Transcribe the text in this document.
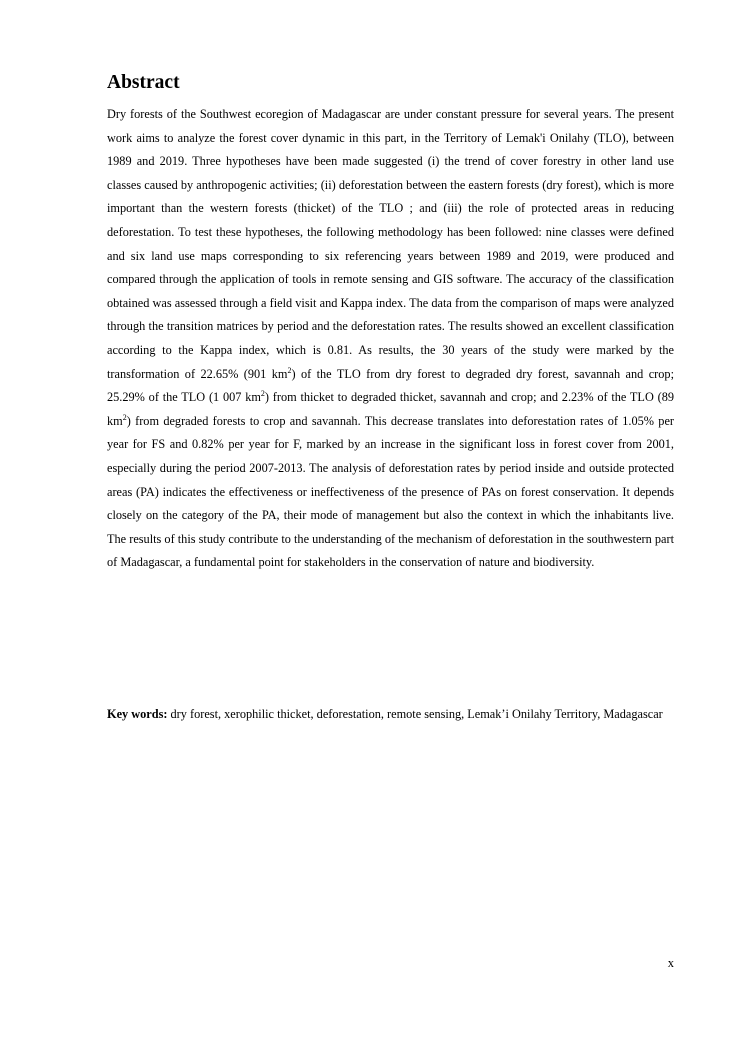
Abstract

Dry forests of the Southwest ecoregion of Madagascar are under constant pressure for several years. The present work aims to analyze the forest cover dynamic in this part, in the Territory of Lemak'i Onilahy (TLO), between 1989 and 2019. Three hypotheses have been made suggested (i) the trend of cover forestry in other land use classes caused by anthropogenic activities; (ii) deforestation between the eastern forests (dry forest), which is more important than the western forests (thicket) of the TLO ; and (iii) the role of protected areas in reducing deforestation. To test these hypotheses, the following methodology has been followed: nine classes were defined and six land use maps corresponding to six referencing years between 1989 and 2019, were produced and compared through the application of tools in remote sensing and GIS software. The accuracy of the classification obtained was assessed through a field visit and Kappa index. The data from the comparison of maps were analyzed through the transition matrices by period and the deforestation rates. The results showed an excellent classification according to the Kappa index, which is 0.81. As results, the 30 years of the study were marked by the transformation of 22.65% (901 $km^2$) of the TLO from dry forest to degraded dry forest, savannah and crop; 25.29% of the TLO (1 007 $km^2$) from thicket to degraded thicket, savannah and crop; and 2.23% of the TLO (89 $km^2$) from degraded forests to crop and savannah. This decrease translates into deforestation rates of 1.05% per year for FS and 0.82% per year for F, marked by an increase in the significant loss in forest cover from 2001, especially during the period 2007-2013. The analysis of deforestation rates by period inside and outside protected areas (PA) indicates the effectiveness or ineffectiveness of the presence of PAs on forest conservation. It depends closely on the category of the PA, their mode of management but also the context in which the inhabitants live. The results of this study contribute to the understanding of the mechanism of deforestation in the southwestern part of Madagascar, a fundamental point for stakeholders in the conservation of nature and biodiversity.

Key words: dry forest, xerophilic thicket, deforestation, remote sensing, Lemak’i Onilahy Territory, Madagascar

x
